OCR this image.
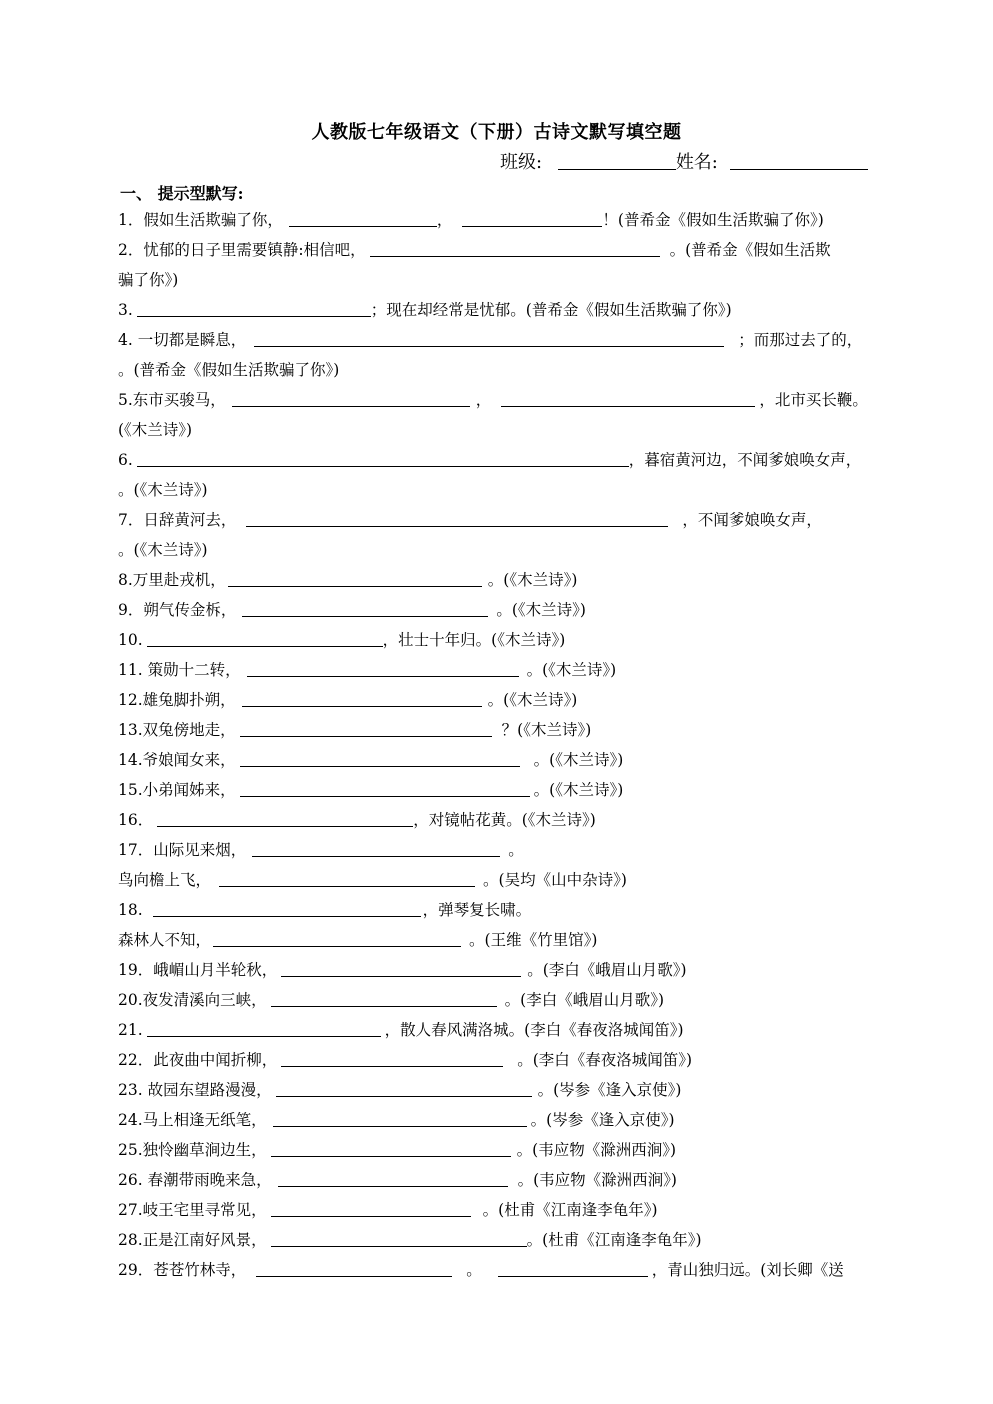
人教版七年级语文（下册）古诗文默写填空题
班级:	姓名:
一、 提示型默写:
1．假如生活欺骗了你，	，	！(普希金《假如生活欺骗了你》)
2．忧郁的日子里需要镇静:相信吧，	。(普希金《假如生活欺
骗了你》)
3.	；现在却经常是忧郁。(普希金《假如生活欺骗了你》)
4. 一切都是瞬息，	；而那过去了的，
。(普希金《假如生活欺骗了你》)
5.东市买骏马，	，	，北市买长鞭。
(《木兰诗》)
6.	，暮宿黄河边，不闻爹娘唤女声，
。(《木兰诗》)
7．日辞黄河去，	，不闻爹娘唤女声，
。(《木兰诗》)
8.万里赴戎机，	。(《木兰诗》)
9．朔气传金柝，	。(《木兰诗》)
10.	，壮士十年归。(《木兰诗》)
11. 策勋十二转，	。(《木兰诗》)
12.雄兔脚扑朔，	。(《木兰诗》)
13.双兔傍地走，	？(《木兰诗》)
14.爷娘闻女来，	。(《木兰诗》)
15.小弟闻姊来，	。(《木兰诗》)
16．	，对镜帖花黄。(《木兰诗》)
17．山际见来烟，	。
鸟向檐上飞，	。(吴均《山中杂诗》)
18.	，弹琴复长啸。
森林人不知，	。(王维《竹里馆》)
19．峨嵋山月半轮秋，	。(李白《峨眉山月歌》)
20.夜发清溪向三峡，	。(李白《峨眉山月歌》)
21.	，散人春风满洛城。(李白《春夜洛城闻笛》)
22．此夜曲中闻折柳，	。(李白《春夜洛城闻笛》)
23. 故园东望路漫漫，	。(岑参《逢入京使》)
24.马上相逢无纸笔，	。(岑参《逢入京使》)
25.独怜幽草涧边生，	。(韦应物《滁洲西涧》)
26. 春潮带雨晚来急，	。(韦应物《滁洲西涧》)
27.岐王宅里寻常见，	。(杜甫《江南逢李龟年》)
28.正是江南好风景，	。(杜甫《江南逢李龟年》)
29．苍苍竹林寺，	。	，青山独归远。(刘长卿《送
